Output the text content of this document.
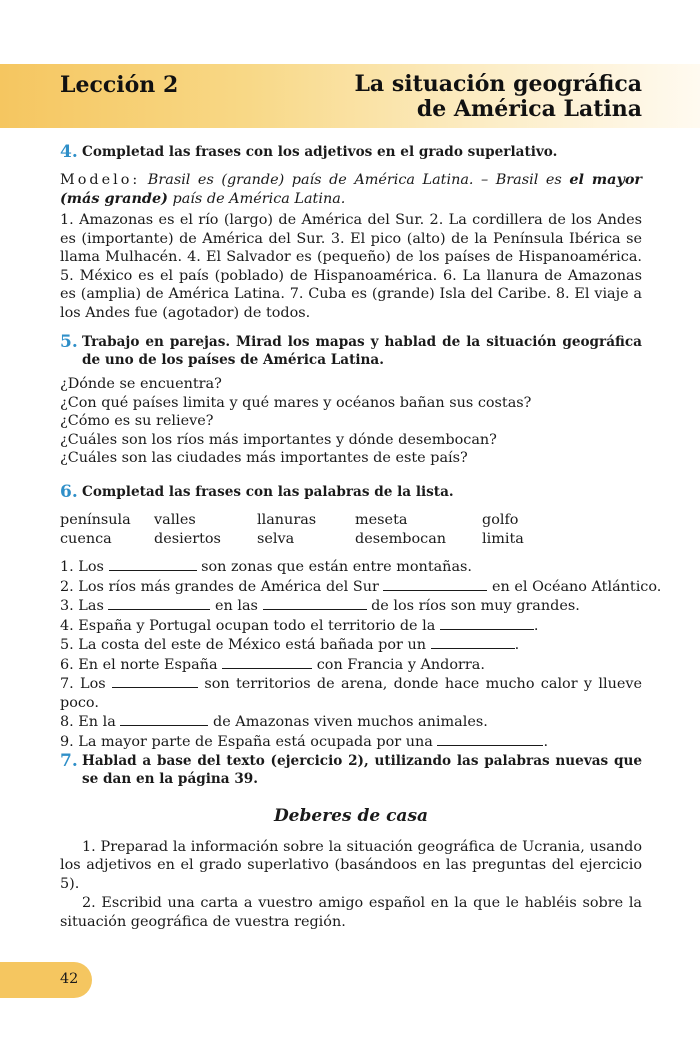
Lección 2	La situación geográfica
de América Latina
4. Completad las frases con los adjetivos en el grado superlativo.
Modelo: Brasil es (grande) país de América Latina. – Brasil es el mayor (más grande) país de América Latina.
1. Amazonas es el río (largo) de América del Sur. 2. La cordillera de los Andes es (importante) de América del Sur. 3. El pico (alto) de la Península Ibérica se llama Mulhacén. 4. El Salvador es (pequeño) de los países de Hispanoamérica. 5. México es el país (poblado) de Hispanoamérica. 6. La llanura de Amazonas es (amplia) de América Latina. 7. Cuba es (grande) Isla del Caribe. 8. El viaje a los Andes fue (agotador) de todos.
5. Trabajo en parejas. Mirad los mapas y hablad de la situación geográfica de uno de los países de América Latina.
¿Dónde se encuentra?
¿Con qué países limita y qué mares y océanos bañan sus costas?
¿Cómo es su relieve?
¿Cuáles son los ríos más importantes y dónde desembocan?
¿Cuáles son las ciudades más importantes de este país?
6. Completad las frases con las palabras de la lista.
península	valles	llanuras	meseta	golfo
cuenca	desiertos	selva	desembocan	limita
1. Los	son zonas que están entre montañas.
2. Los ríos más grandes de América del Sur	en el Océano Atlántico.
3. Las	en las	de los ríos son muy grandes.
4. España y Portugal ocupan todo el territorio de la	.
5. La costa del este de México está bañada por un	.
6. En el norte España	con Francia y Andorra.
7. Los	son territorios de arena, donde hace mucho calor y llueve poco.
8. En la	de Amazonas viven muchos animales.
9. La mayor parte de España está ocupada por una	.
7. Hablad a base del texto (ejercicio 2), utilizando las palabras nuevas que se dan en la página 39.
Deberes de casa
1. Preparad la información sobre la situación geográfica de Ucrania, usando los adjetivos en el grado superlativo (basándoos en las preguntas del ejercicio 5).
2. Escribid una carta a vuestro amigo español en la que le habléis sobre la situación geográfica de vuestra región.
42
